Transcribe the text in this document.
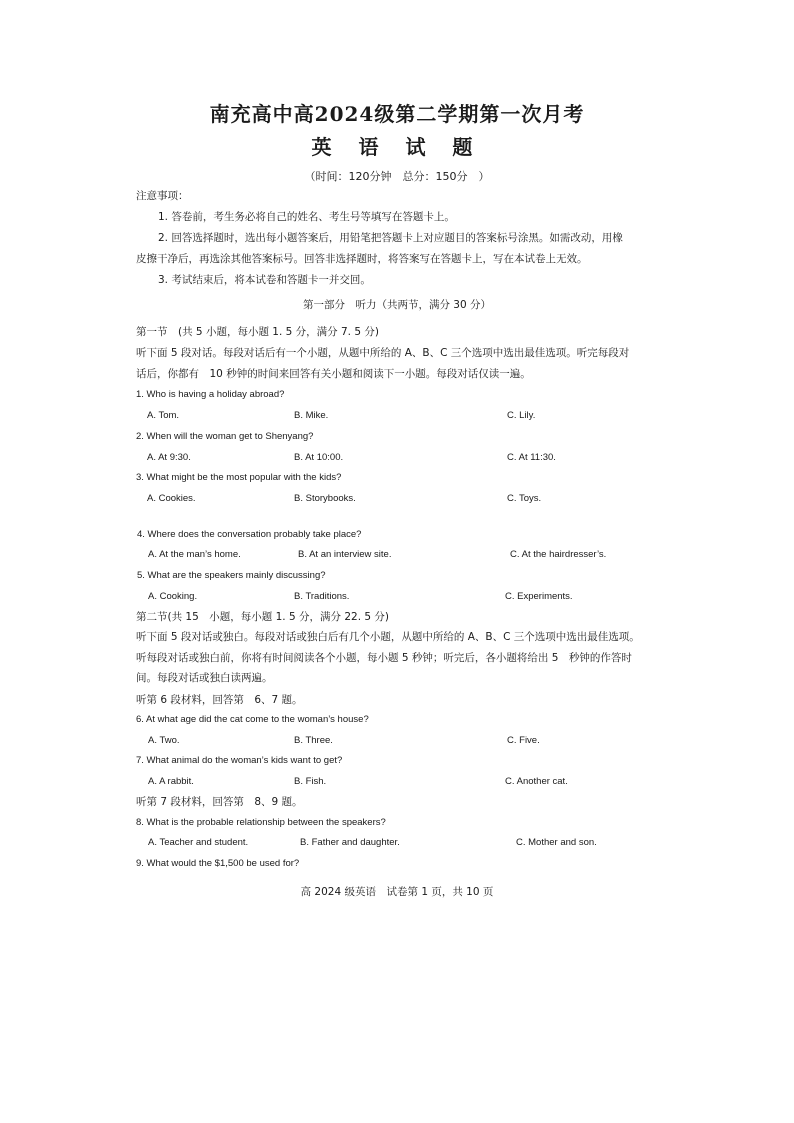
南充高中高2024级第二学期第一次月考
英 语 试 题
（时间：120分钟　总分：150分　）
注意事项：
1. 答卷前，考生务必将自己的姓名、考生号等填写在答题卡上。
2. 回答选择题时，选出每小题答案后，用铅笔把答题卡上对应题目的答案标号涂黑。如需改动，用橡
皮擦干净后，再选涂其他答案标号。回答非选择题时，将答案写在答题卡上，写在本试卷上无效。
3. 考试结束后，将本试卷和答题卡一并交回。
第一部分　听力（共两节，满分 30 分）
第一节　(共 5 小题，每小题 1. 5 分，满分 7. 5 分)
听下面 5 段对话。每段对话后有一个小题，从题中所给的 A、B、C 三个选项中选出最佳选项。听完每段对
话后，你都有　10 秒钟的时间来回答有关小题和阅读下一小题。每段对话仅读一遍。
1. Who is having a holiday abroad?
A. Tom.	B. Mike.	C. Lily.
2. When will the woman get to Shenyang?
A. At 9:30.	B. At 10:00.	C. At 11:30.
3. What might be the most popular with the kids?
A. Cookies.	B. Storybooks.	C. Toys.
4. Where does the conversation probably take place?
A. At the man’s home.	B. At an interview site.	C. At the hairdresser’s.
5. What are the speakers mainly discussing?
A. Cooking.	B. Traditions.	C. Experiments.
第二节(共 15　小题，每小题 1. 5 分，满分 22. 5 分)
听下面 5 段对话或独白。每段对话或独白后有几个小题，从题中所给的 A、B、C 三个选项中选出最佳选项。
听每段对话或独白前，你将有时间阅读各个小题，每小题 5 秒钟；听完后，各小题将给出 5　秒钟的作答时
间。每段对话或独白读两遍。
听第 6 段材料，回答第　6、7 题。
6. At what age did the cat come to the woman’s house?
A. Two.	B. Three.	C. Five.
7. What animal do the woman’s kids want to get?
A. A rabbit.	B. Fish.	C. Another cat.
听第 7 段材料，回答第　8、9 题。
8. What is the probable relationship between the speakers?
A. Teacher and student.	B. Father and daughter.	C. Mother and son.
9. What would the $1,500 be used for?
高 2024 级英语　试卷第 1 页，共 10 页
